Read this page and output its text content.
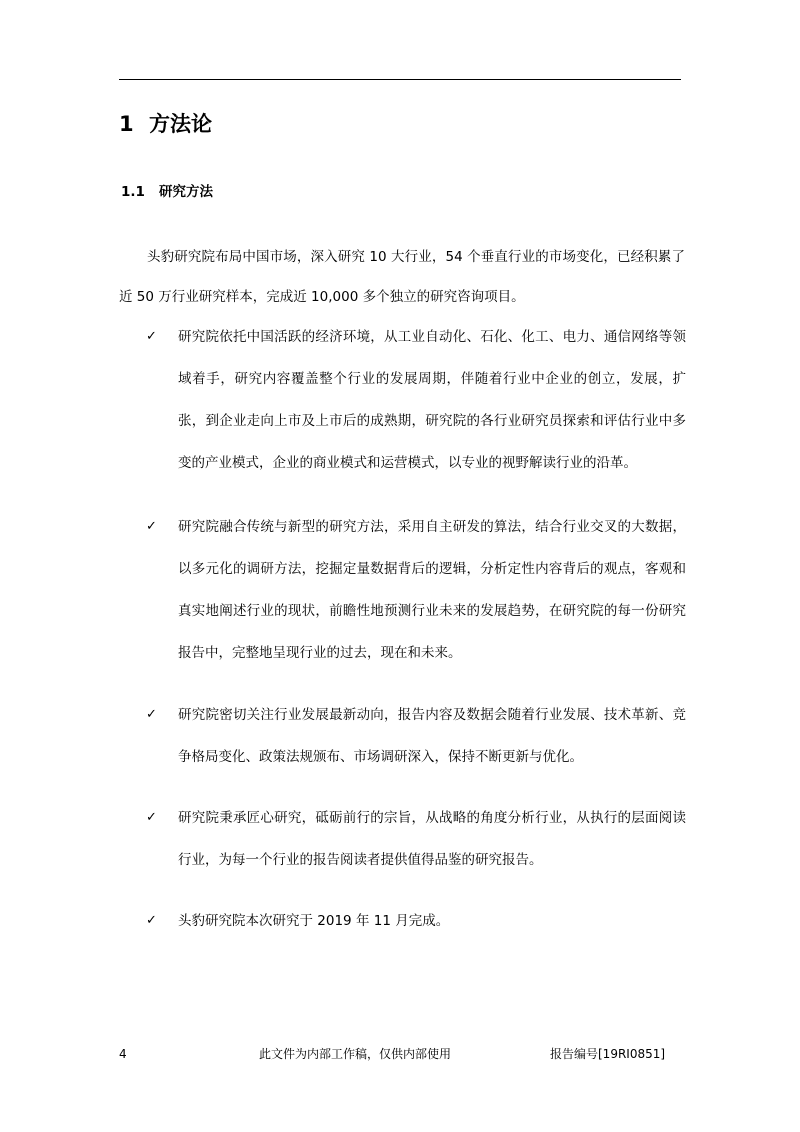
1 方法论
1.1 研究方法

头豹研究院布局中国市场，深入研究 10 大行业，54 个垂直行业的市场变化，已经积累了近 50 万行业研究样本，完成近 10,000 多个独立的研究咨询项目。

✓ 研究院依托中国活跃的经济环境，从工业自动化、石化、化工、电力、通信网络等领域着手，研究内容覆盖整个行业的发展周期，伴随着行业中企业的创立，发展，扩张，到企业走向上市及上市后的成熟期，研究院的各行业研究员探索和评估行业中多变的产业模式，企业的商业模式和运营模式，以专业的视野解读行业的沿革。

✓ 研究院融合传统与新型的研究方法，采用自主研发的算法，结合行业交叉的大数据，以多元化的调研方法，挖掘定量数据背后的逻辑，分析定性内容背后的观点，客观和真实地阐述行业的现状，前瞻性地预测行业未来的发展趋势，在研究院的每一份研究报告中，完整地呈现行业的过去，现在和未来。

✓ 研究院密切关注行业发展最新动向，报告内容及数据会随着行业发展、技术革新、竞争格局变化、政策法规颁布、市场调研深入，保持不断更新与优化。

✓ 研究院秉承匠心研究，砥砺前行的宗旨，从战略的角度分析行业，从执行的层面阅读行业，为每一个行业的报告阅读者提供值得品鉴的研究报告。

✓ 头豹研究院本次研究于 2019 年 11 月完成。

4	此文件为内部工作稿，仅供内部使用	报告编号[19RI0851]
